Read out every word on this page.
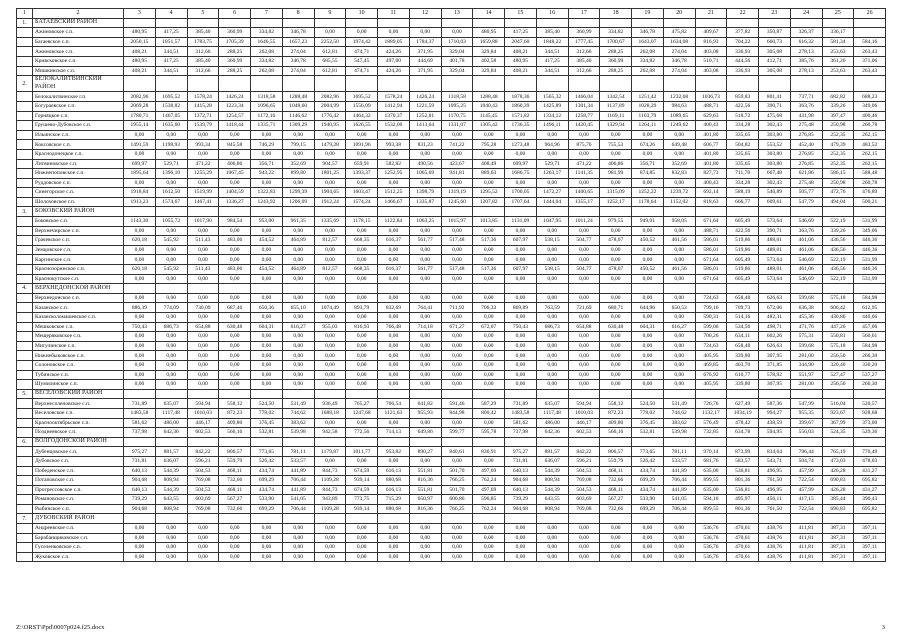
1	2	3	4	5	6	7	8	9	10	11	12	13	14	15	16	17	18	19	20	21	22	23	24	25	26
1.	БАТАЕВСКИЙ РАЙОН																								
	Ажиновское с.п.	480,95	417,25	385,40	360,99	334,82	346,78	0,00	0,00	0,00	0,00	0,00	480,95	417,25	385,40	360,99	334,82	346,78	475,82	409,67	377,82	350,87	326,37	336,17	
	Багаевское с.п.	2050,15	1851,57	1783,75	1705,39	1646,55	1657,23	2252,50	1974,42	1889,05	1784,37	1710,03	1659,88	2047,60	1848,22	1777,45	1700,67	1643,07	1634,08	816,93	704,22	660,73	616,32	581,34	584,16
	Ажиновское с.п.	408,21	344,51	312,66	288,25	262,08	274,04	612,81	474,71	424,26	371,95	329,04	329,84	408,21	344,51	312,66	288,25	262,08	274,04	403,08	336,93	305,08	278,13	253,63	263,43
	Кривсковское с.п.	480,95	417,25	385,40	360,99	334,82	346,78	685,55	547,45	497,00	444,69	401,78	402,58	480,95	417,25	385,40	360,99	334,82	346,78	510,71	444,56	412,71	385,76	361,26	371,06
	Мишкинское с.п.	408,21	344,51	312,66	288,25	262,08	274,04	612,81	474,71	424,26	371,95	329,04	329,84	408,21	344,51	312,66	288,25	262,08	274,04	403,08	336,93	305,08	278,13	253,63	263,43
2.	БЕЛОКАЛИТВИНСКИЙ РАЙОН																								
	Белокалитвинское г.п.	2082,96	1695,52	1578,24	1426,24	1318,58	1288,48	2082,96	1695,52	1578,24	1426,24	1318,58	1288,48	1878,36	1565,32	1466,04	1342,54	1251,42	1232,68	1036,73	859,83	801,41	737,71	682,82	688,23
	Богураевское с.п.	2069,28	1538,82	1415,28	1223,34	1096,65	1048,60	2004,99	1556,09	1412,94	1221,59	1095,25	1040,43	1860,39	1425,89	1301,34	1137,89	1028,29	984,63	488,71	422,56	390,71	363,76	339,26	349,06
	Горняцкое с.п.	1780,71	1467,05	1372,71	1254,57	1172,16	1146,62	1776,42	1464,32	1370,37	1252,81	1170,75	1145,45	1571,82	1334,12	1258,77	1169,11	1103,79	1089,65	629,63	518,72	475,68	431,98	397,47	400,46
	Грушево-Дубовское с.п.	1955,14	1635,60	1539,79	1418,44	1335,71	1309,29	1940,95	1626,55	1532,00	1413,64	1331,07	1305,42	1736,35	1496,11	1420,45	1329,94	1264,11	1249,62	400,43	334,28	302,43	275,48	250,98	260,78
	Ильинское с.п.	0,00	0,00	0,00	0,00	0,00	0,00	0,00	0,00	0,00	0,00	0,00	0,00	0,00	0,00	0,00	0,00	0,00	0,00	401,80	335,65	303,80	276,85	252,35	262,15
	Коксовское с.п.	1491,59	1198,93	993,34	845,58	746,29	799,15	1479,28	1091,96	993,38	831,23	741,22	795,28	1273,48	964,96	875,76	755,53	674,26	649,48	606,77	504,82	553,52	452,40	479,39	483,52
	Краснодонецкое с.п.	0,00	0,00	0,00	0,00	0,00	0,00	0,00	0,00	0,00	0,00	0,00	0,00	0,00	0,00	0,00	0,00	0,00	0,00	401,80	335,65	303,80	276,85	252,35	262,15
	Литвиновское с.п.	699,97	529,71	471,22	406,86	356,71	352,69	904,57	659,91	582,82	490,56	423,67	408,49	699,97	529,71	471,22	406,86	356,71	352,69	401,80	335,65	303,80	276,85	252,35	262,15
	Нижнепоповское с.п.	1895,64	1396,10	1255,29	1067,45	943,22	899,80	1801,25	1393,37	1252,95	1065,69	941,81	889,63	1686,75	1263,17	1141,35	981,99	874,85	832,83	827,73	711,78	667,48	621,86	586,15	588,48
	Руддовское с.п.	0,00	0,00	0,00	0,00	0,00	0,00	0,00	0,00	0,00	0,00	0,00	0,00	0,00	0,00	0,00	0,00	0,00	0,00	400,43	334,28	302,43	275,48	250,98	260,78
	Синегорское с.п.	1918,84	1612,50	1519,99	1404,59	1322,83	1299,39	1904,65	1603,47	1512,25	1398,79	1319,19	1295,52	1700,05	1472,27	1400,65	1315,09	1252,22	1239,72	692,14	588,19	546,89	505,77	472,76	476,89
	Шолоховское г.п.	1913,23	1574,67	1467,41	1336,27	1243,92	1206,09	1912,24	1574,24	1466,67	1335,87	1245,60	1207,82	1707,64	1444,04	1355,17	1252,17	1178,64	1152,02	818,63	666,77	609,61	547,79	494,04	500,21
3.	БОКОВСКИЙ РАЙОН																								
	Боковское с.п.	1143,30	1055,72	1017,90	984,54	953,00	961,35	1335,69	1178,15	1122,84	1063,25	1015,97	1013,85	1131,09	1047,95	1011,24	979,55	949,01	958,05	671,64	605,49	573,64	546,69	522,19	531,99
	Верхнечирское с.п.	0,00	0,00	0,00	0,00	0,00	0,00	0,00	0,00	0,00	0,00	0,00	0,00	0,00	0,00	0,00	0,00	0,00	0,00	488,71	422,56	390,71	363,76	339,26	349,06
	Грачевское с.п.	620,18	545,92	511,43	483,06	454,52	464,89	812,57	668,35	616,37	561,77	517,48	517,36	607,97	538,15	504,77	478,07	450,52	461,56	586,01	519,86	488,01	461,06	436,56	446,36
	Земцовское с.п.	0,00	0,00	0,00	0,00	0,00	0,00	0,00	0,00	0,00	0,00	0,00	0,00	0,00	0,00	0,00	0,00	0,00	0,00	586,01	519,86	488,01	461,06	436,56	446,36
	Каргинское с.п.	0,00	0,00	0,00	0,00	0,00	0,00	0,00	0,00	0,00	0,00	0,00	0,00	0,00	0,00	0,00	0,00	0,00	0,00	671,64	605,49	573,64	546,69	522,19	531,99
	Краснозоринское с.п.	620,18	545,92	511,43	483,06	454,52	464,89	812,57	668,35	616,37	561,77	517,48	517,36	607,97	538,15	504,77	478,07	450,52	461,56	586,01	519,86	488,01	461,06	436,56	446,36
	Краснокутское с.п.	0,00	0,00	0,00	0,00	0,00	0,00	0,00	0,00	0,00	0,00	0,00	0,00	0,00	0,00	0,00	0,00	0,00	0,00	671,64	605,49	573,64	546,69	522,19	531,99
4.	ВЕРХНЕДОНСКОЙ РАЙОН																								
	Верхнедонское с.п.	0,00	0,00	0,00	0,00	0,00	0,00	0,00	0,00	0,00	0,00	0,00	0,00	0,00	0,00	0,00	0,00	0,00	0,00	724,63	658,48	626,63	599,68	575,18	584,98
	Казанское с.п.	886,39	774,09	730,09	687,46	650,36	655,10	1074,49	893,79	832,69	764,41	711,92	706,33	869,89	763,59	721,69	680,71	644,96	650,53	799,16	709,73	672,06	636,38	606,42	612,95
	Казансколомашевское с.п.	0,00	0,00	0,00	0,00	0,00	0,00	0,00	0,00	0,00	0,00	0,00	0,00	0,00	0,00	0,00	0,00	0,00	0,00	590,31	514,16	482,31	455,36	430,86	440,66
	Мешковское с.п.	750,43	686,73	654,88	630,48	604,31	616,27	955,03	816,93	766,48	714,18	671,27	672,07	750,43	686,73	654,88	630,48	604,31	616,27	599,06	534,56	498,71	471,76	447,26	457,06
	Мещеряковское с.п.	0,00	0,00	0,00	0,00	0,00	0,00	0,00	0,00	0,00	0,00	0,00	0,00	0,00	0,00	0,00	0,00	0,00	0,00	700,26	634,11	602,26	575,31	550,81	560,61
	Мигулинское с.п.	0,00	0,00	0,00	0,00	0,00	0,00	0,00	0,00	0,00	0,00	0,00	0,00	0,00	0,00	0,00	0,00	0,00	0,00	724,63	658,48	626,63	599,68	575,18	584,98
	Нижнебыковское с.п.	0,00	0,00	0,00	0,00	0,00	0,00	0,00	0,00	0,00	0,00	0,00	0,00	0,00	0,00	0,00	0,00	0,00	0,00	405,95	339,80	307,95	281,00	256,50	266,30
	Солоновское с.п.	0,00	0,00	0,00	0,00	0,00	0,00	0,00	0,00	0,00	0,00	0,00	0,00	0,00	0,00	0,00	0,00	0,00	0,00	469,85	403,70	371,85	344,90	320,40	330,20
	Тубинское с.п.	0,00	0,00	0,00	0,00	0,00	0,00	0,00	0,00	0,00	0,00	0,00	0,00	0,00	0,00	0,00	0,00	0,00	0,00	676,92	610,77	578,92	551,97	527,47	537,27
	Шумилинское с.п.	0,00	0,00	0,00	0,00	0,00	0,00	0,00	0,00	0,00	0,00	0,00	0,00	0,00	0,00	0,00	0,00	0,00	0,00	405,95	339,80	307,95	281,00	256,50	266,30
5.	ВЕСЕЛОВСКИЙ РАЙОН																								
	Верхнесоленовское с.п.	731,89	635,07	594,94	558,12	524,50	531,49	936,49	765,27	706,54	641,82	591,46	587,29	731,89	635,07	594,94	558,12	524,50	531,49	726,76	627,49	587,36	547,99	516,04	520,57
	Веселовское с.п.	1483,58	1117,48	1010,03	872,23	778,02	744,62	1688,18	1247,68	1121,63	955,93	844,98	800,42	1483,58	1117,48	1010,03	872,23	778,02	744,62	1132,17	1034,19	994,27	955,35	923,67	928,68
	Краснооктябрьское с.п.	581,62	486,00	446,17	409,80	376,45	383,62	0,00	0,00	0,00	0,00	0,00	0,00	581,62	486,00	446,17	409,80	376,45	383,62	576,49	478,42	438,59	399,67	367,99	373,00
	Позднеевское с.п.	737,98	642,36	602,53	566,16	532,81	539,98	942,58	772,56	714,13	649,86	599,77	595,78	737,98	642,36	602,53	566,16	532,81	539,98	732,85	634,78	594,95	556,03	524,35	529,36
6.	ВОЛГОДОНСКОЙ РАЙОН																								
	Дубенцовское с.п.	975,27	881,57	842,22	806,57	773,65	781,11	1179,87	1011,77	953,82	890,27	840,61	836,91	975,27	881,57	842,22	806,57	773,65	781,11	970,14	873,99	834,64	796,44	765,19	770,49
	Дубовское с.п.	731,81	636,07	596,21	559,79	526,42	533,57	0,00	0,00	0,00	0,00	0,00	0,00	731,81	636,07	596,21	559,79	526,42	533,57	681,76	583,57	543,71	504,74	473,03	478,03
	Победенское с.п.	640,13	544,39	504,53	468,11	434,74	441,89	844,73	674,59	616,13	551,81	501,70	497,69	640,13	544,39	504,53	468,11	434,74	441,89	635,00	536,81	496,95	457,99	426,28	431,27
	Потаповское с.п.	904,68	808,94	769,08	732,66	699,29	706,44	1109,28	939,14	880,68	816,36	766,25	762,24	904,68	808,94	769,08	732,66	699,29	706,44	899,55	801,36	761,50	722,54	690,83	695,82
	Прогрессовское с.п.	640,13	544,39	504,53	468,11	434,74	441,89	844,73	674,59	616,13	551,81	501,70	497,69	640,13	544,39	504,53	468,11	434,74	441,89	635,00	536,81	496,95	457,99	426,28	431,27
	Романовское с.п.	739,29	643,55	603,69	567,27	533,90	541,05	943,89	773,75	715,29	650,97	600,86	596,85	739,29	643,55	603,69	567,27	533,90	541,05	594,16	495,97	456,11	417,15	385,44	390,43
	Рыбинское с.п.	904,68	808,94	769,08	732,66	699,29	706,44	1109,28	939,14	880,68	816,36	766,25	762,24	904,68	808,94	769,08	732,66	699,29	706,44	899,55	801,36	761,50	722,54	690,83	695,82
7.	ДУБОВСКИЙ РАЙОН																								
	Андреевское с.п.	0,00	0,00	0,00	0,00	0,00	0,00	0,00	0,00	0,00	0,00	0,00	0,00	0,00	0,00	0,00	0,00	0,00	0,00	536,76	470,61	438,76	411,81	387,31	397,11
	Барабанщиковское с.п.	0,00	0,00	0,00	0,00	0,00	0,00	0,00	0,00	0,00	0,00	0,00	0,00	0,00	0,00	0,00	0,00	0,00	0,00	536,76	470,61	438,76	411,81	387,31	397,11
	Гуселенковское с.п.	0,00	0,00	0,00	0,00	0,00	0,00	0,00	0,00	0,00	0,00	0,00	0,00	0,00	0,00	0,00	0,00	0,00	0,00	536,76	470,61	438,76	411,81	387,31	397,11
	Жуковское с.п.	0,00	0,00	0,00	0,00	0,00	0,00	0,00	0,00	0,00	0,00	0,00	0,00	0,00	0,00	0,00	0,00	0,00	0,00	536,76	470,61	438,76	411,81	387,31	397,11
Z:\ORST\Ppd\0007p024.f25.docx	3
